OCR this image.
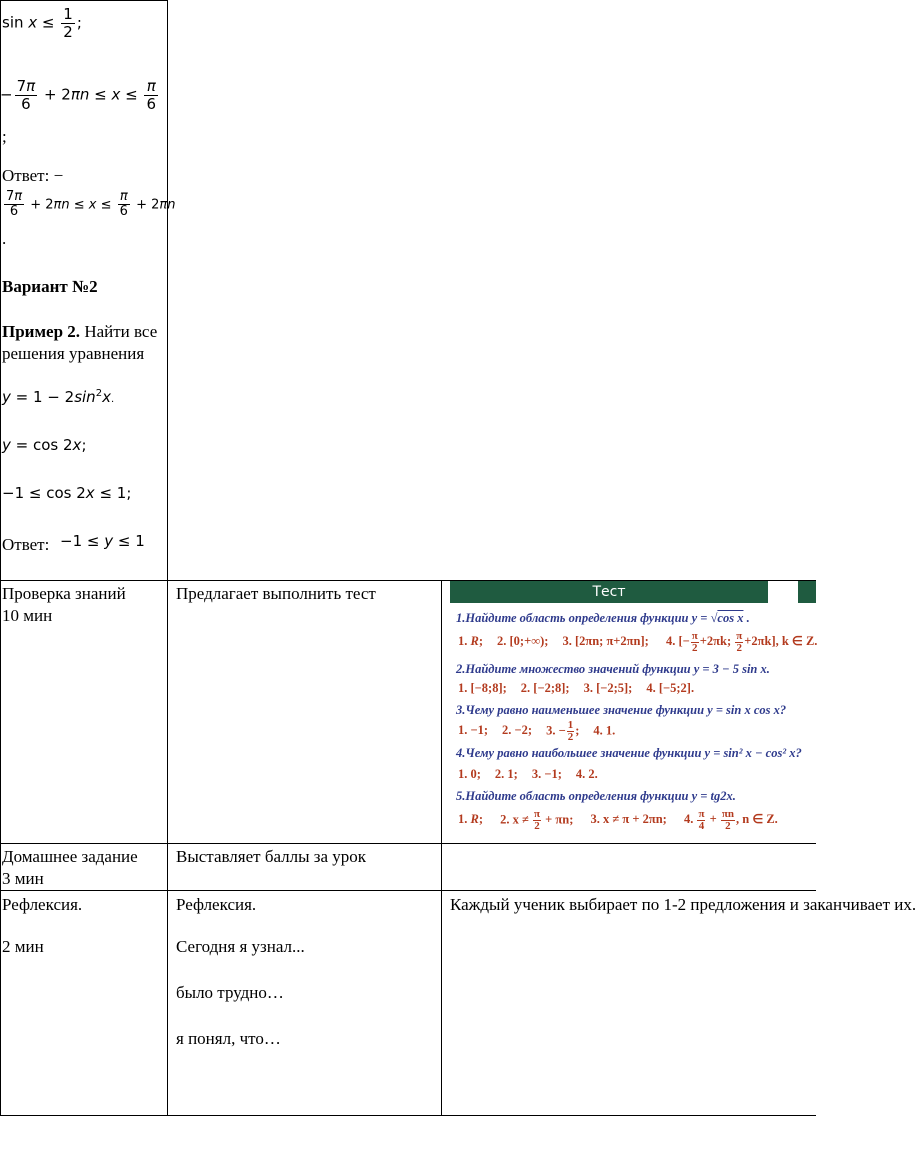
$\sin x \le \frac{1}{2}$ ;
− $\frac{7\pi}{6} + 2\pi n \le x \le \frac{\pi}{6}$
;
Ответ: −
$\frac{7\pi}{6} + 2\pi n \le x \le \frac{\pi}{6} + 2\pi n$
.
Вариант №2
Пример 2. Найти все решения уравнения
$y = 1 - 2\sin^2x$.
y = cos 2x;
−1 ≤ cos 2x ≤ 1;
Ответ: −1 ≤ y ≤ 1
Проверка знаний
10 мин
Предлагает выполнить тест	Тест
1.Найдите область определения функции y = √cos x .
1. R; 2. [0;+∞); 3. [2πn; π+2πn]; 4. [− $\frac{\pi}{2} +2\pi k$; $\frac{\pi}{2} +2\pi k$], k ∈ Z.
2.Найдите множество значений функции y = 3 − 5 sin x.
1. [−8;8]; 2. [−2;8]; 3. [−2;5]; 4. [−5;2].
3.Чему равно наименьшее значение функции y = sin x cos x?
1. −1; 2. −2; 3. − $\frac{1}{2}$ ; 4. 1.
4.Чему равно наибольшее значение функции y = sin² x − cos² x?
1. 0; 2. 1; 3. −1; 4. 2.
5.Найдите область определения функции y = tg2x.
1. R; 2. $x \ne \frac{\pi}{2} + \pi n$; 3. x ≠ π + 2πn; 4. $\frac{\pi}{4} + \frac{\pi n}{2}$ , n ∈ Z.
Домашнее задание
3 мин
Выставляет баллы за урок
Рефлексия.
2 мин
Рефлексия.
Сегодня я узнал...
было трудно…
я понял, что…
Каждый ученик выбирает по 1-2 предложения и заканчивает их.
